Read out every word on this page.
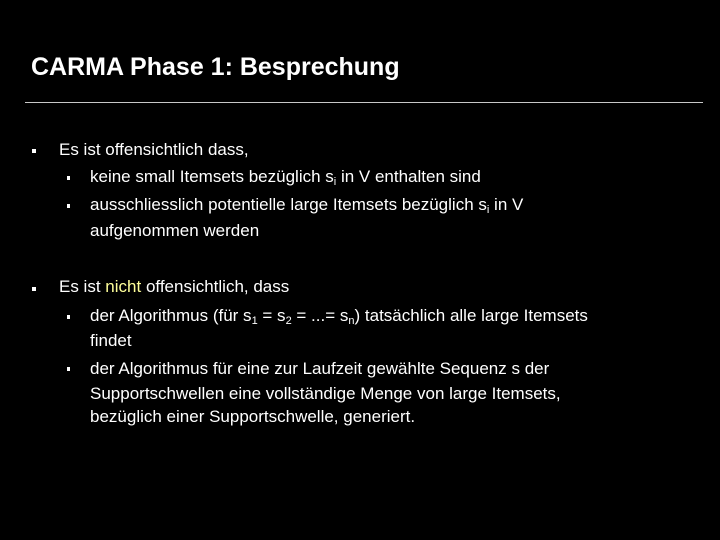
CARMA Phase 1: Besprechung
Es ist offensichtlich dass,
keine small Itemsets bezüglich $s_i$ in V enthalten sind
ausschliesslich potentielle large Itemsets bezüglich $s_i$ in V
aufgenommen werden
Es ist nicht offensichtlich, dass
der Algorithmus (für $s_1 = s_2$ = ...= $s_n$) tatsächlich alle large Itemsets
findet
der Algorithmus für eine zur Laufzeit gewählte Sequenz s der
Supportschwellen eine vollständige Menge von large Itemsets,
bezüglich einer Supportschwelle, generiert.
